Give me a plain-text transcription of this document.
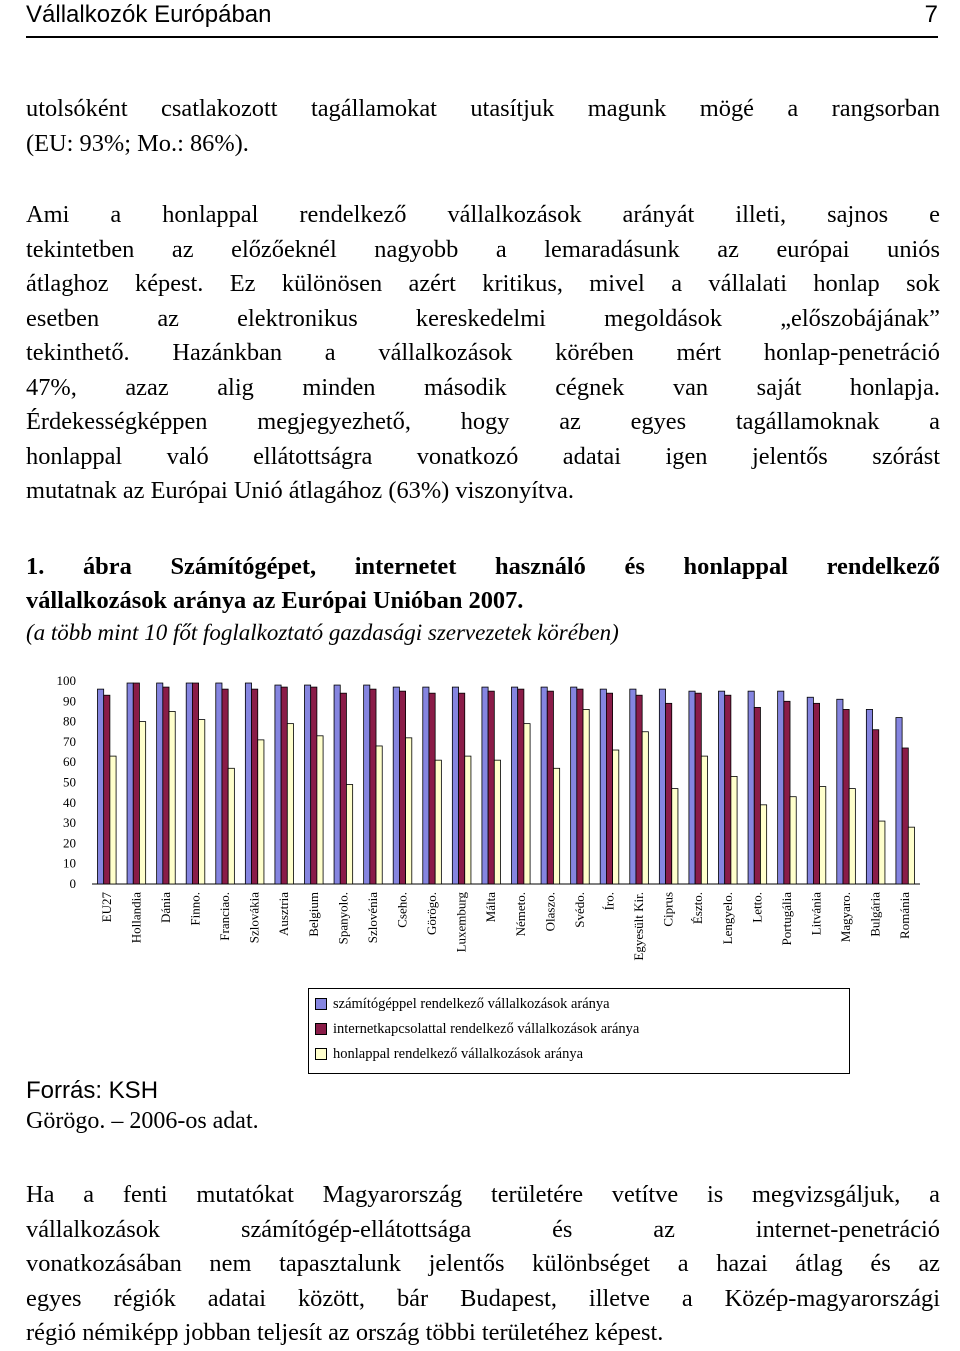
Vállalkozók Európában	7
utolsóként csatlakozott tagállamokat utasítjuk magunk mögé a rangsorban
(EU: 93%; Mo.: 86%).
Ami a honlappal rendelkező vállalkozások arányát illeti, sajnos e
tekintetben az előzőeknél nagyobb a lemaradásunk az európai uniós
átlaghoz képest. Ez különösen azért kritikus, mivel a vállalati honlap sok
esetben az elektronikus kereskedelmi megoldások „előszobájának”
tekinthető. Hazánkban a vállalkozások körében mért honlap-penetráció
47%, azaz alig minden második cégnek van saját honlapja.
Érdekességképpen megjegyezhető, hogy az egyes tagállamoknak a
honlappal való ellátottságra vonatkozó adatai igen jelentős szórást
mutatnak az Európai Unió átlagához (63%) viszonyítva.
1. ábra Számítógépet, internetet használó és honlappal rendelkező
vállalkozások aránya az Európai Unióban 2007.
(a több mint 10 főt foglalkoztató gazdasági szervezetek körében)
100
90
80
70
60
50
40
30
20
10
0
EU27 Hollandia Dánia Finno. Franciao. Szlovákia Ausztria Belgium Spanyolo. Szlovénia Cseho. Görögo. Luxemburg Málta Németo. Olaszo. Svédo. Íro. Egyesült Kir. Ciprus Észto. Lengyelo. Letto. Portugália Litvánia Magyaro. Bulgária Románia
számítógéppel rendelkező vállalkozások aránya
internetkapcsolattal rendelkező vállalkozások aránya
honlappal rendelkező vállalkozások aránya
Forrás: KSH
Görögo. – 2006-os adat.
Ha a fenti mutatókat Magyarország területére vetítve is megvizsgáljuk, a
vállalkozások számítógép-ellátottsága és az internet-penetráció
vonatkozásában nem tapasztalunk jelentős különbséget a hazai átlag és az
egyes régiók adatai között, bár Budapest, illetve a Közép-magyarországi
régió némiképp jobban teljesít az ország többi területéhez képest.
